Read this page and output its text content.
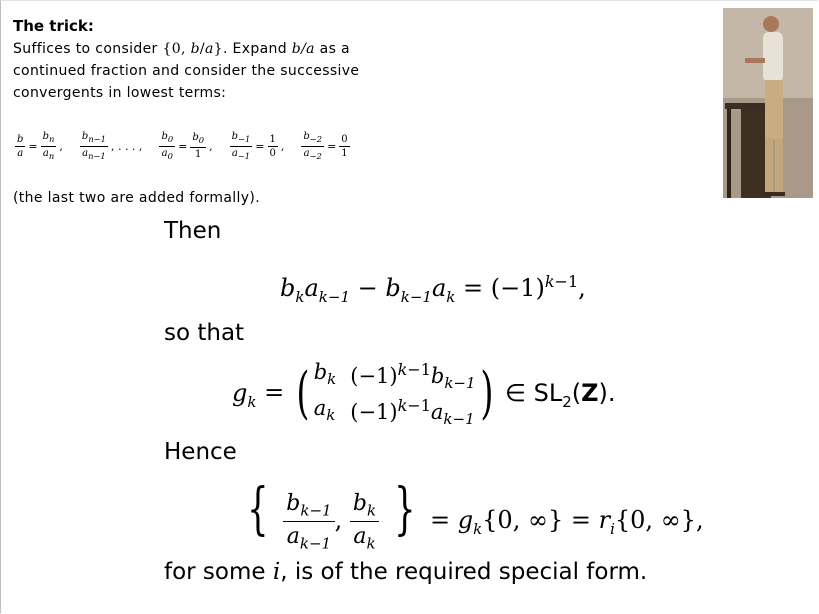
The trick:
Suffices to consider {0, b/a}. Expand b/a as a continued fraction and consider the successive convergents in lowest terms:
$\frac{b}{a} = \frac{b_n}{a_n}$ , $\frac{b_{n-1}}{a_{n-1}}$ , . . . , $\frac{b_0}{a_0} = \frac{b_0}{1}$ , $\frac{b_{-1}}{a_{-1}} = \frac{1}{0}$ , $\frac{b_{-2}}{a_{-2}} = \frac{0}{1}$
(the last two are added formally).
Then
$b_ka_{k-1} - b_{k-1}a_k = (-1)^{k-1}$,
so that
$g_k$ = ( $b_k$ $(-1)^{k-1}b_{k-1}$
$a_k$ $(-1)^{k-1}a_{k-1}$ ) ∈ $SL_2(Z)$.
Hence
{ $\frac{b_{k-1}}{a_{k-1}}$ , $\frac{b_k}{a_k}$ } = $g_k\{0$, ∞} = $r_i\{0$, ∞},
for some i, is of the required special form.
